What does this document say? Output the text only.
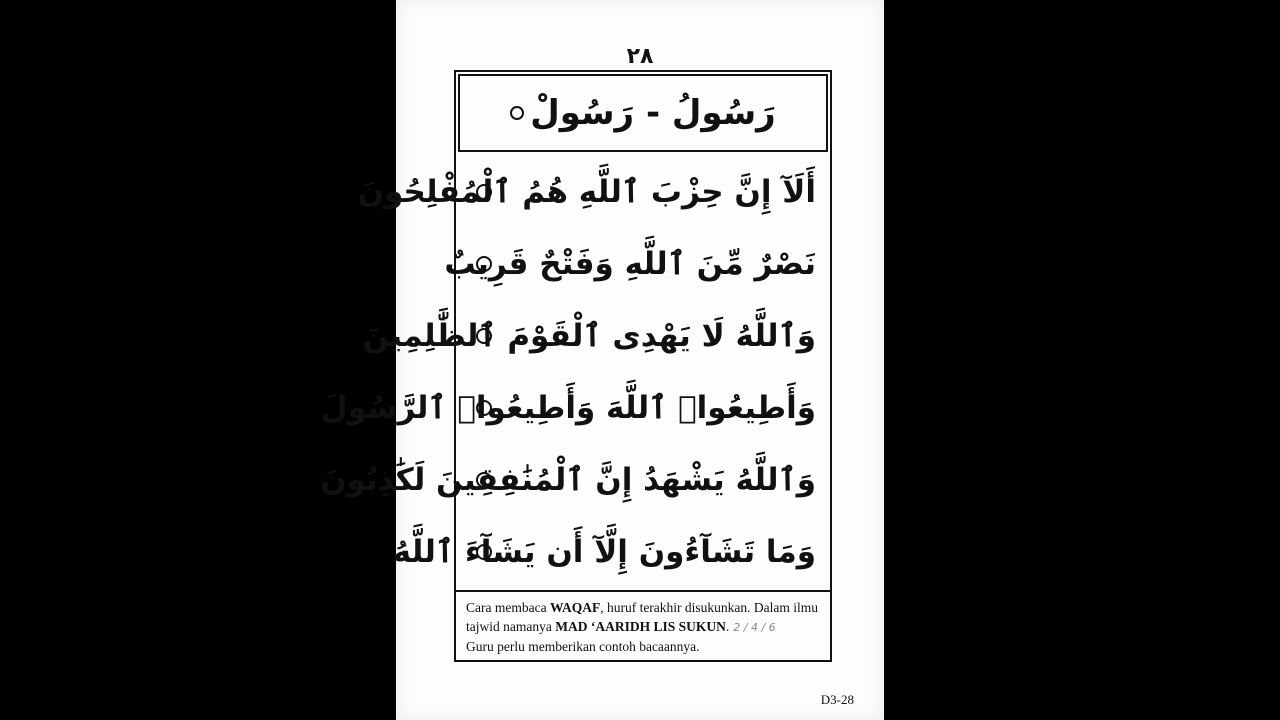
٢٨
رَسُولُ - رَسُولْ
أَلَآ إِنَّ حِزْبَ ٱللَّهِ هُمُ ٱلْمُفْلِحُونَ
نَصْرٌ مِّنَ ٱللَّهِ وَفَتْحٌ قَرِيبٌ
وَٱللَّهُ لَا يَهْدِى ٱلْقَوْمَ ٱلظَّٰلِمِينَ
وَأَطِيعُوا۟ ٱللَّهَ وَأَطِيعُوا۟ ٱلرَّسُولَ
وَٱللَّهُ يَشْهَدُ إِنَّ ٱلْمُنَٰفِقِينَ لَكَٰذِبُونَ
وَمَا تَشَآءُونَ إِلَّآ أَن يَشَآءَ ٱللَّهُ
Cara membaca WAQAF, huruf terakhir disukunkan. Dalam ilmu tajwid namanya MAD ‘AARIDH LIS SUKUN. 2 / 4 / 6
Guru perlu memberikan contoh bacaannya.
D3-28
